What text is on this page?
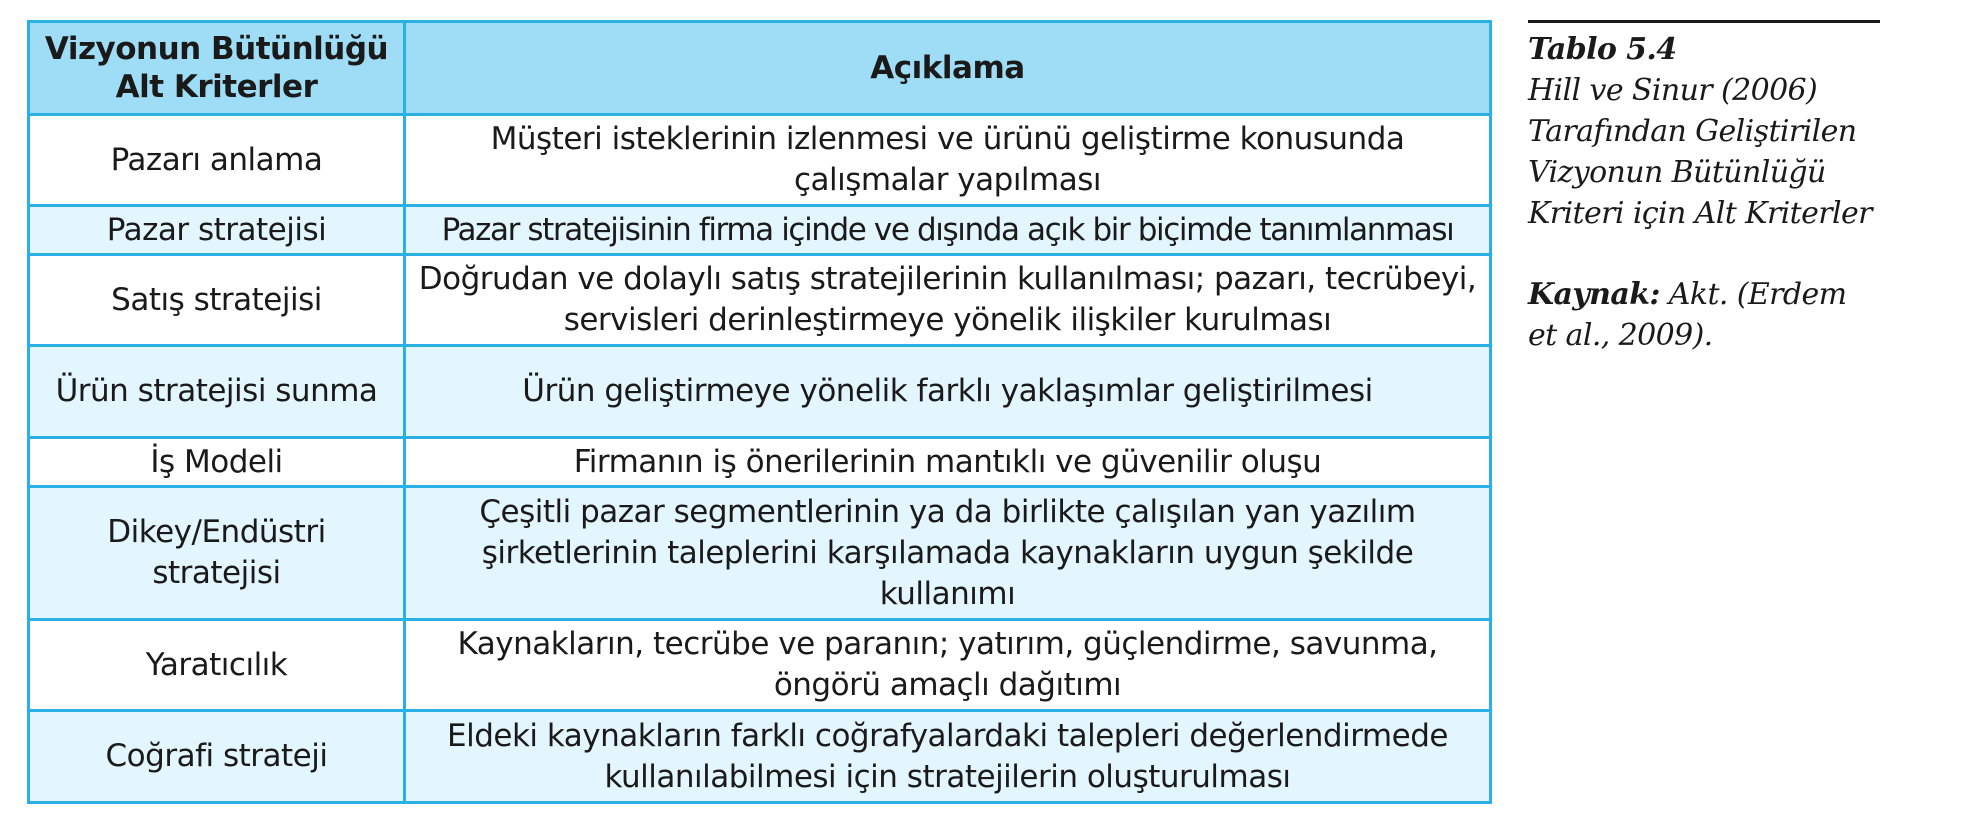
Vizyonun Bütünlüğü
Alt Kriterler	Açıklama
Pazarı anlama	Müşteri isteklerinin izlenmesi ve ürünü geliştirme konusunda çalışmalar yapılması
Pazar stratejisi	Pazar stratejisinin firma içinde ve dışında açık bir biçimde tanımlanması
Satış stratejisi	Doğrudan ve dolaylı satış stratejilerinin kullanılması; pazarı, tecrübeyi, servisleri derinleştirmeye yönelik ilişkiler kurulması
Ürün stratejisi sunma	Ürün geliştirmeye yönelik farklı yaklaşımlar geliştirilmesi
İş Modeli	Firmanın iş önerilerinin mantıklı ve güvenilir oluşu
Dikey/Endüstri stratejisi	Çeşitli pazar segmentlerinin ya da birlikte çalışılan yan yazılım şirketlerinin taleplerini karşılamada kaynakların uygun şekilde kullanımı
Yaratıcılık	Kaynakların, tecrübe ve paranın; yatırım, güçlendirme, savunma, öngörü amaçlı dağıtımı
Coğrafi strateji	Eldeki kaynakların farklı coğrafyalardaki talepleri değerlendirmede kullanılabilmesi için stratejilerin oluşturulması
Tablo 5.4
Hill ve Sinur (2006)
Tarafından Geliştirilen
Vizyonun Bütünlüğü
Kriteri için Alt Kriterler
Kaynak: Akt. (Erdem et al., 2009).
